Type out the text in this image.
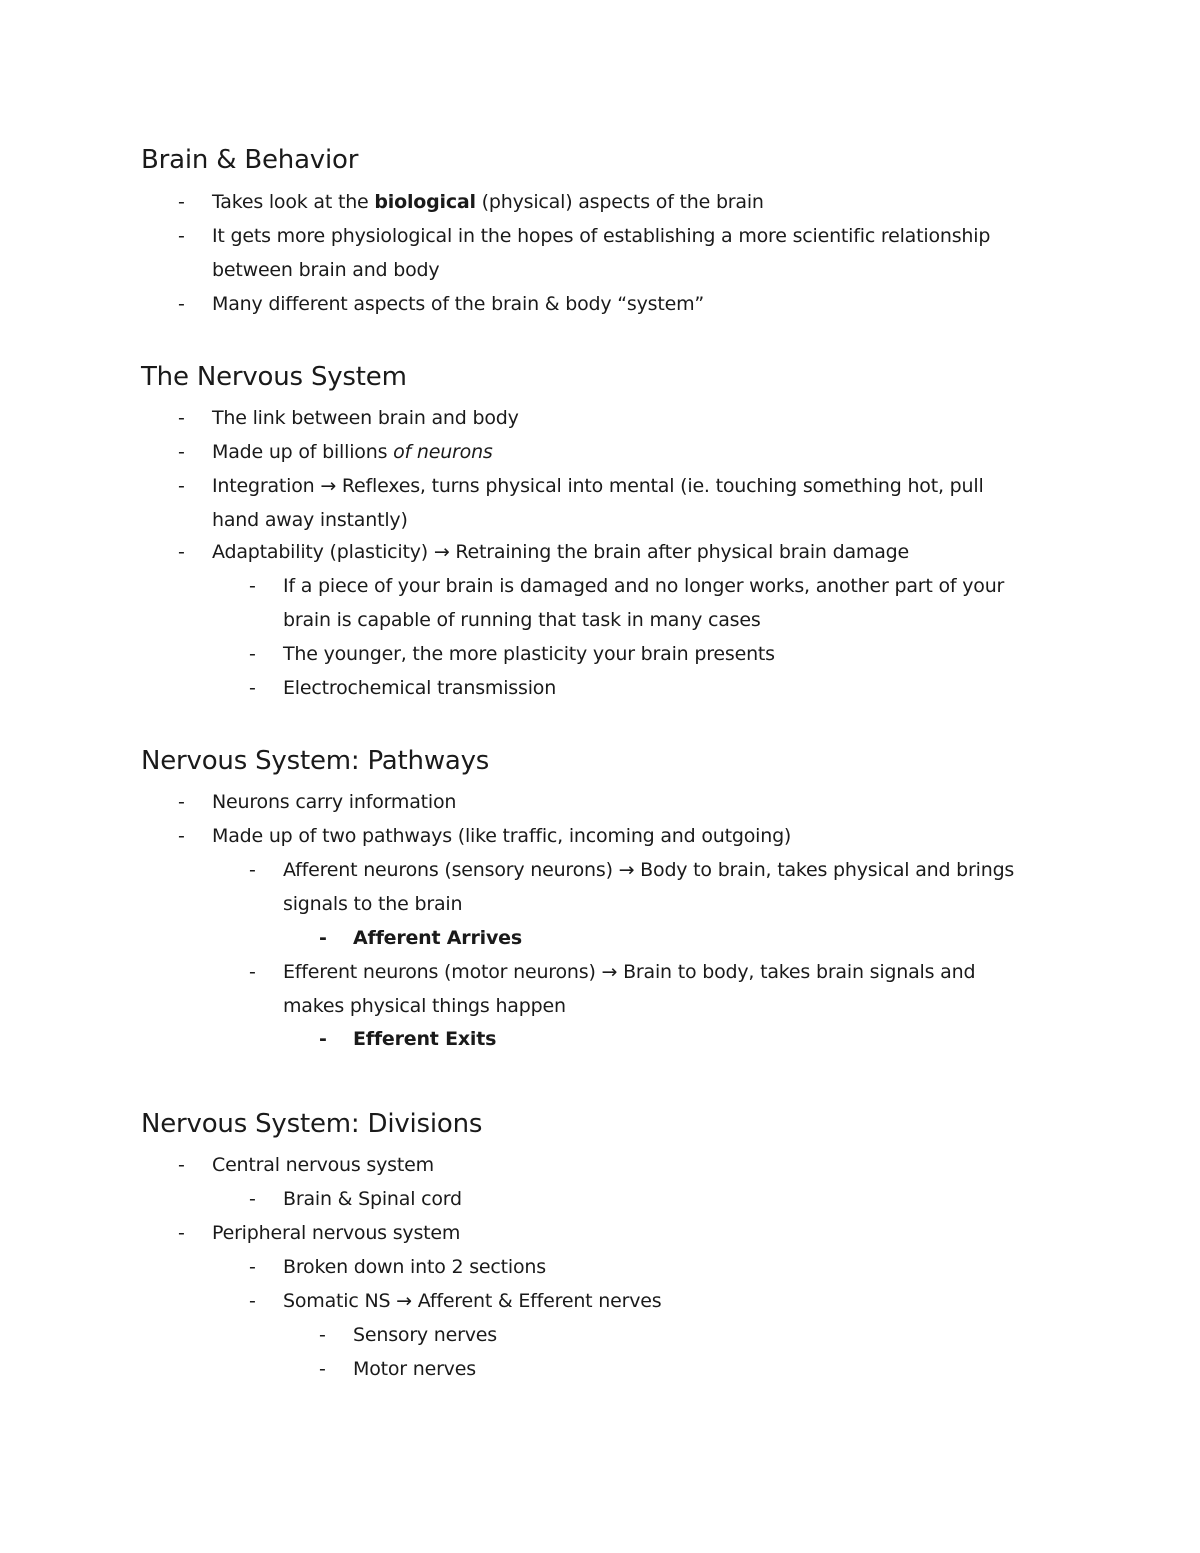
Brain & Behavior

- Takes look at the biological (physical) aspects of the brain

- It gets more physiological in the hopes of establishing a more scientific relationship
between brain and body

- Many different aspects of the brain & body “system”

The Nervous System

- The link between brain and body

- Made up of billions of neurons

- Integration → Reflexes, turns physical into mental (ie. touching something hot, pull
hand away instantly)

- Adaptability (plasticity) → Retraining the brain after physical brain damage

- If a piece of your brain is damaged and no longer works, another part of your
brain is capable of running that task in many cases

- The younger, the more plasticity your brain presents

- Electrochemical transmission

Nervous System: Pathways

- Neurons carry information

- Made up of two pathways (like traffic, incoming and outgoing)

- Afferent neurons (sensory neurons) → Body to brain, takes physical and brings
signals to the brain

- Afferent Arrives

- Efferent neurons (motor neurons) → Brain to body, takes brain signals and
makes physical things happen

- Efferent Exits

Nervous System: Divisions

- Central nervous system

- Brain & Spinal cord

- Peripheral nervous system

- Broken down into 2 sections

- Somatic NS → Afferent & Efferent nerves

- Sensory nerves

- Motor nerves
